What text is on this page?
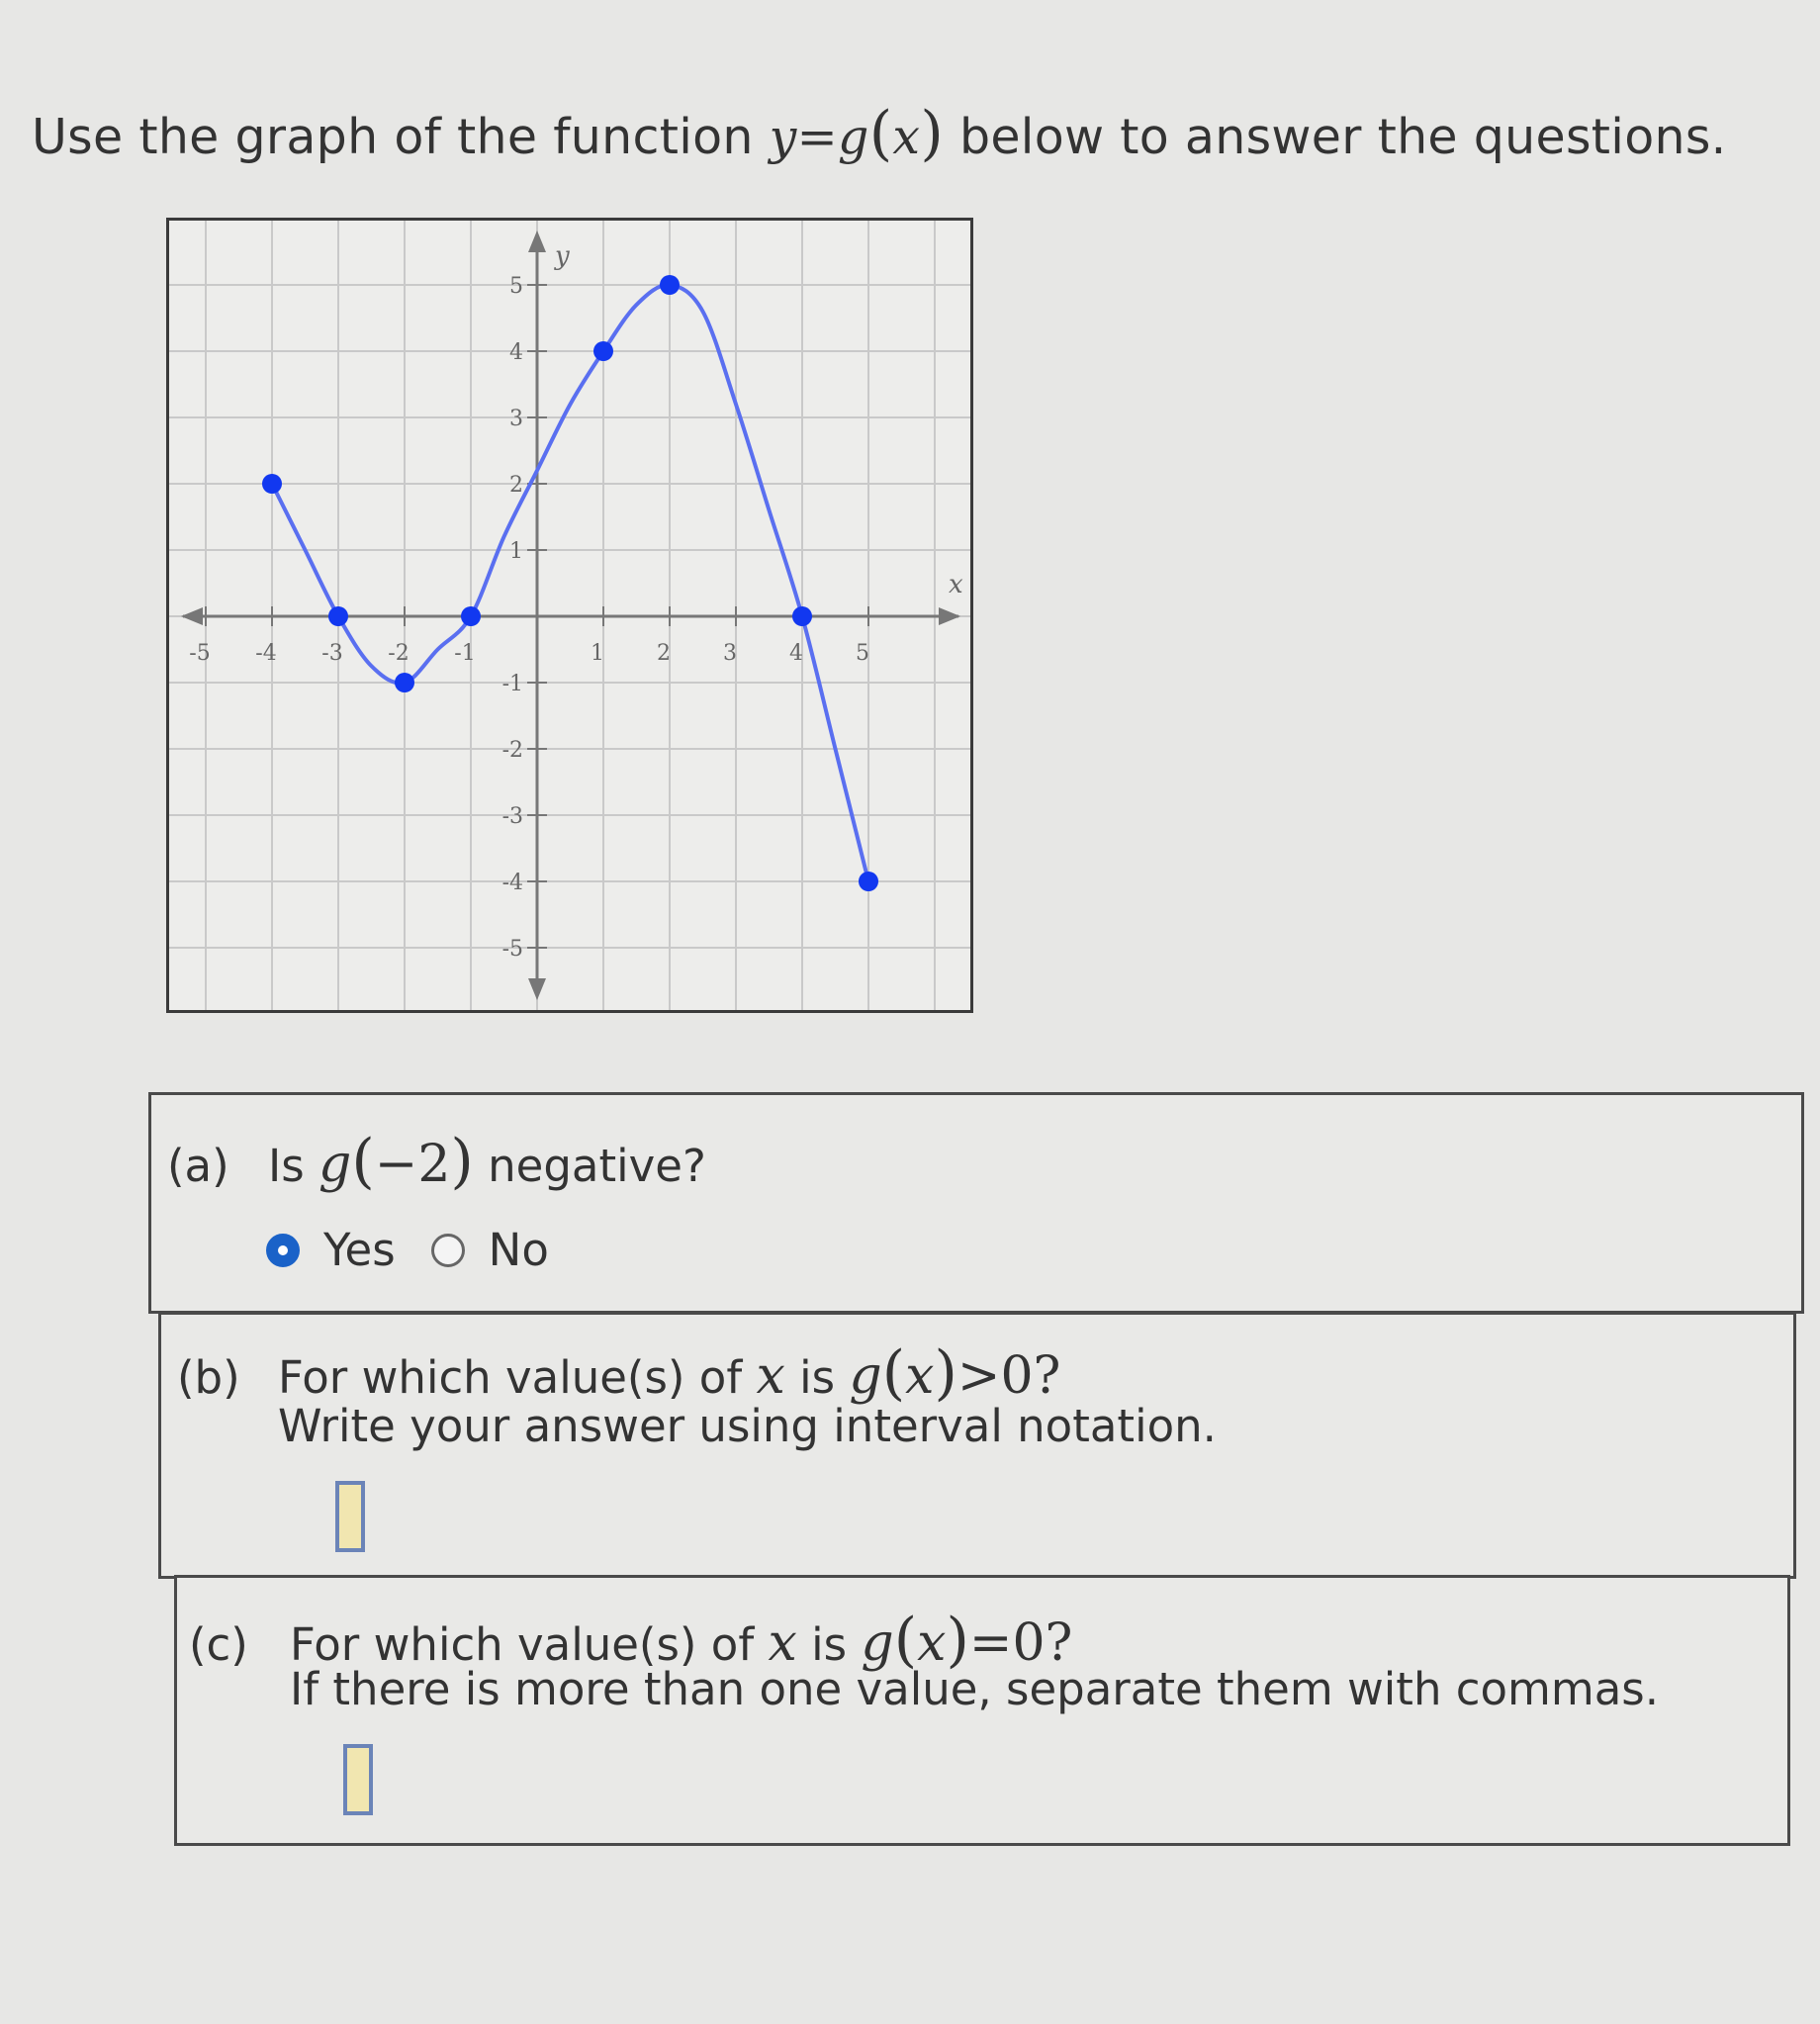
Use the graph of the function y=g(x) below to answer the questions.
-5 -4 -3 -2 -1	1 2 3 4 5
-5
-4
-3
-2
-1
1
2
3
4
5
x
y
(a) Is g(−2) negative?
Yes No
(b) For which value(s) of x is g(x)>0?
Write your answer using interval notation.
(c) For which value(s) of x is g(x)=0?
If there is more than one value, separate them with commas.
